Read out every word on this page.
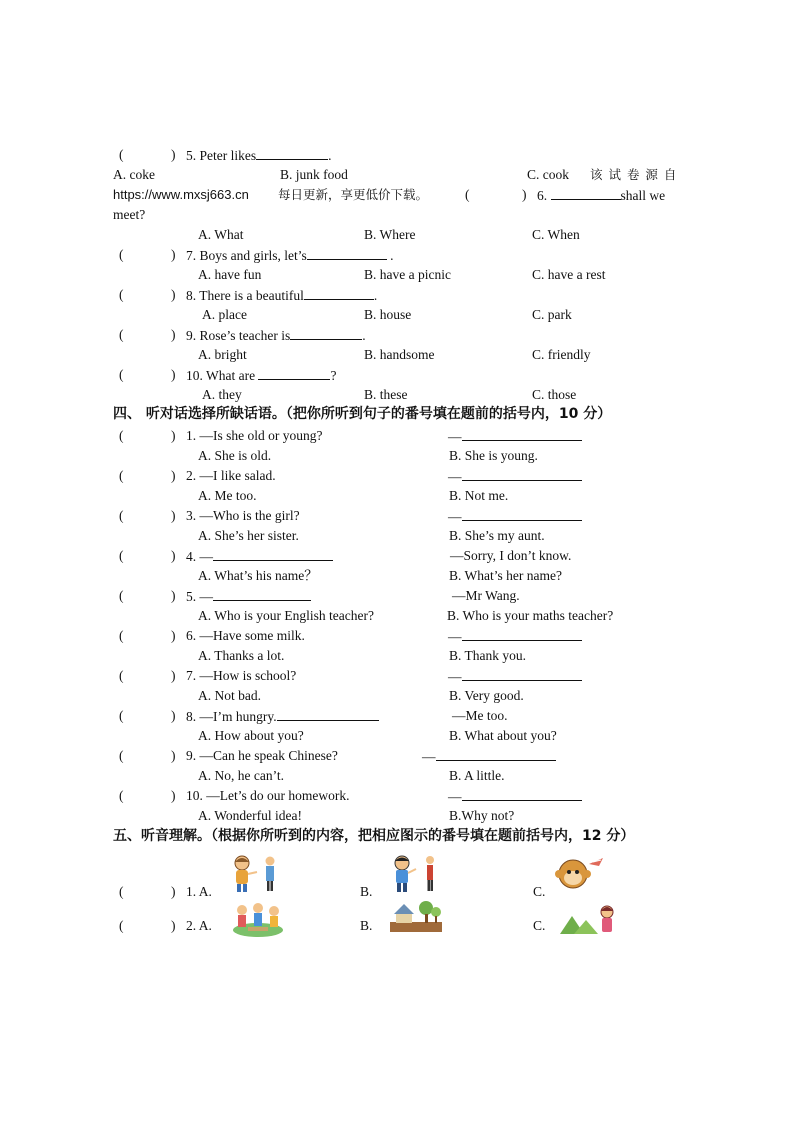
(	) 5. Peter likes	.
A. coke	B. junk food	C. cook 该 试 卷 源 自
https://www.mxsj663.cn 每日更新，享更低价下载。	(	) 6.	shall we
meet?
A. What	B. Where	C. When
(	) 7. Boys and girls, let’s	.
A. have fun	B. have a picnic	C. have a rest
(	) 8. There is a beautiful	.
A. place	B. house	C. park
(	) 9. Rose’s teacher is	.
A. bright	B. handsome	C. friendly
(	) 10. What are	?
A. they	B. these	C. those
四、 听对话选择所缺话语。（把你所听到句子的番号填在题前的括号内，10 分）
(	) 1. —Is she old or young?	—
A. She is old.	B. She is young.
(	) 2. —I like salad.	—
A. Me too.	B. Not me.
(	) 3. —Who is the girl?	—
A. She’s her sister.	B. She’s my aunt.
(	) 4. —	—Sorry, I don’t know.
A. What’s his name？	B. What’s her name?
(	) 5. —	—Mr Wang.
A. Who is your English teacher?	B. Who is your maths teacher?
(	) 6. —Have some milk.	—
A. Thanks a lot.	B. Thank you.
(	) 7. —How is school?	—
A. Not bad.	B. Very good.
(	) 8. —I’m hungry.	—Me too.
A. How about you?	B. What about you?
(	) 9. —Can he speak Chinese?	—
A. No, he can’t.	B. A little.
(	) 10. —Let’s do our homework.	—
A. Wonderful idea!	B.Why not?
五、听音理解。（根据你所听到的内容，把相应图示的番号填在题前括号内，12 分）
(	) 1. A.	B.	C.
(	) 2. A.	B.	C.
